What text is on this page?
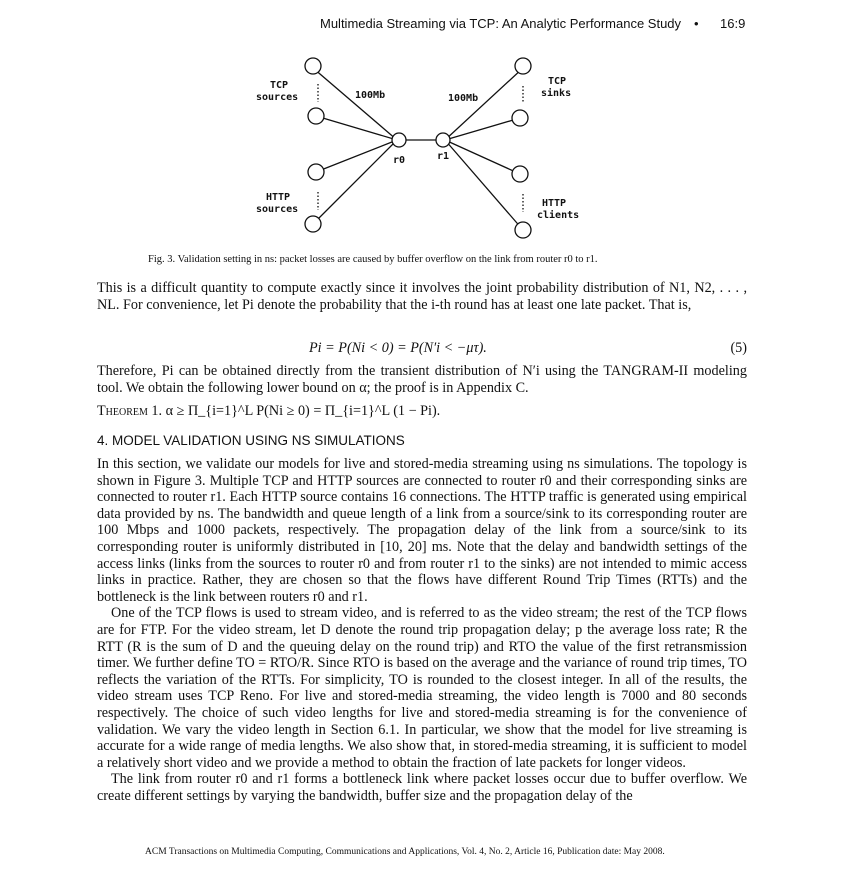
Multimedia Streaming via TCP: An Analytic Performance Study • 16:9
TCP
sources
HTTP
sources
TCP
sinks
HTTP
clients
100Mb	100Mb
r0	r1
Fig. 3. Validation setting in ns: packet losses are caused by buffer overflow on the link from router r0 to r1.

This is a difficult quantity to compute exactly since it involves the joint probability distribution of N1, N2, . . . , NL. For convenience, let Pi denote the probability that the i-th round has at least one late packet. That is,

Pi = P(Ni < 0) = P(N′i < −μτ).	(5)

Therefore, Pi can be obtained directly from the transient distribution of N′i using the TANGRAM-II modeling tool. We obtain the following lower bound on α; the proof is in Appendix C.

Theorem 1. α ≥ Π_{i=1}^L P(Ni ≥ 0) = Π_{i=1}^L (1 − Pi).
4. MODEL VALIDATION USING NS SIMULATIONS

In this section, we validate our models for live and stored-media streaming using ns simulations. The topology is shown in Figure 3. Multiple TCP and HTTP sources are connected to router r0 and their corresponding sinks are connected to router r1. Each HTTP source contains 16 connections. The HTTP traffic is generated using empirical data provided by ns. The bandwidth and queue length of a link from a source/sink to its corresponding router are 100 Mbps and 1000 packets, respectively. The propagation delay of the link from a source/sink to its corresponding router is uniformly distributed in [10, 20] ms. Note that the delay and bandwidth settings of the access links (links from the sources to router r0 and from router r1 to the sinks) are not intended to mimic access links in practice. Rather, they are chosen so that the flows have different Round Trip Times (RTTs) and the bottleneck is the link between routers r0 and r1.

One of the TCP flows is used to stream video, and is referred to as the video stream; the rest of the TCP flows are for FTP. For the video stream, let D denote the round trip propagation delay; p the average loss rate; R the RTT (R is the sum of D and the queuing delay on the round trip) and RTO the value of the first retransmission timer. We further define TO = RTO/R. Since RTO is based on the average and the variance of round trip times, TO reflects the variation of the RTTs. For simplicity, TO is rounded to the closest integer. In all of the results, the video stream uses TCP Reno. For live and stored-media streaming, the video length is 7000 and 80 seconds respectively. The choice of such video lengths for live and stored-media streaming is for the convenience of validation. We vary the video length in Section 6.1. In particular, we show that the model for live streaming is accurate for a wide range of media lengths. We also show that, in stored-media streaming, it is sufficient to model a relatively short video and we provide a method to obtain the fraction of late packets for longer videos.

The link from router r0 and r1 forms a bottleneck link where packet losses occur due to buffer overflow. We create different settings by varying the bandwidth, buffer size and the propagation delay of the

ACM Transactions on Multimedia Computing, Communications and Applications, Vol. 4, No. 2, Article 16, Publication date: May 2008.
